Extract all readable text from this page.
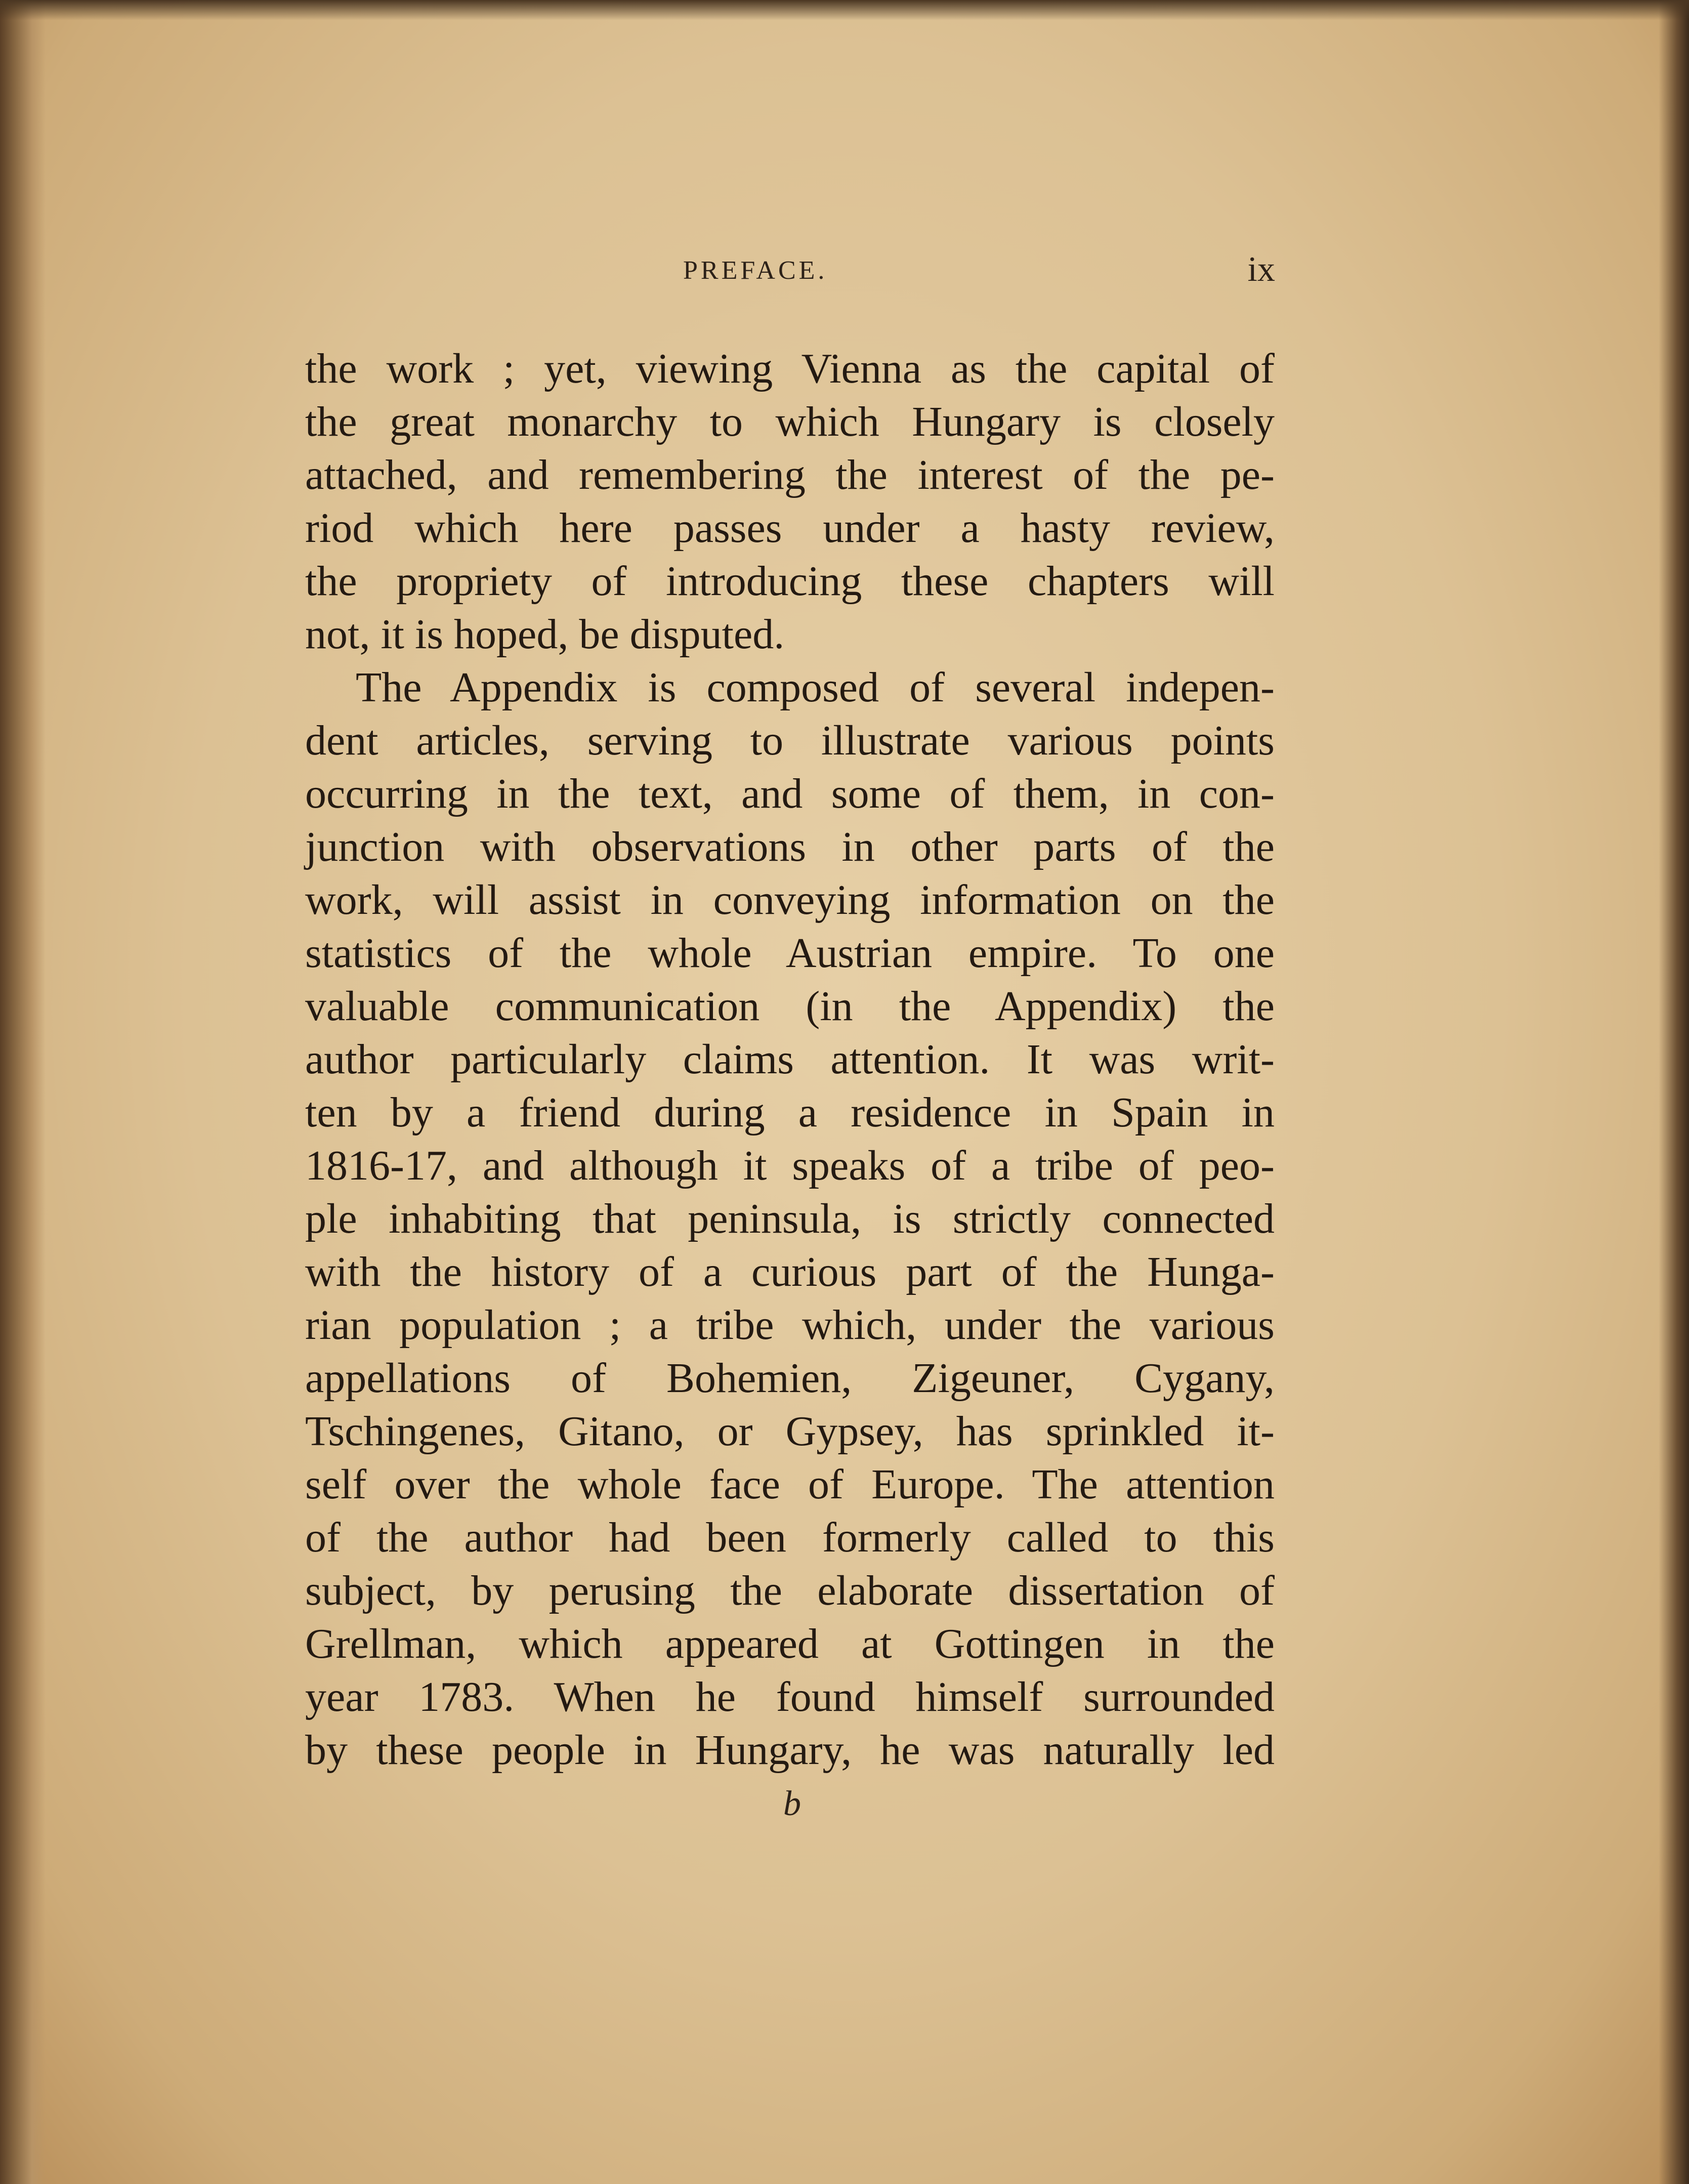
PREFACE.	ix
the work ; yet, viewing Vienna as the capital of
the great monarchy to which Hungary is closely
attached, and remembering the interest of the pe-
riod which here passes under a hasty review,
the propriety of introducing these chapters will
not, it is hoped, be disputed.
The Appendix is composed of several indepen-
dent articles, serving to illustrate various points
occurring in the text, and some of them, in con-
junction with observations in other parts of the
work, will assist in conveying information on the
statistics of the whole Austrian empire. To one
valuable communication (in the Appendix) the
author particularly claims attention. It was writ-
ten by a friend during a residence in Spain in
1816-17, and although it speaks of a tribe of peo-
ple inhabiting that peninsula, is strictly connected
with the history of a curious part of the Hunga-
rian population ; a tribe which, under the various
appellations of Bohemien, Zigeuner, Cygany,
Tschingenes, Gitano, or Gypsey, has sprinkled it-
self over the whole face of Europe. The attention
of the author had been formerly called to this
subject, by perusing the elaborate dissertation of
Grellman, which appeared at Gottingen in the
year 1783. When he found himself surrounded
by these people in Hungary, he was naturally led
b
